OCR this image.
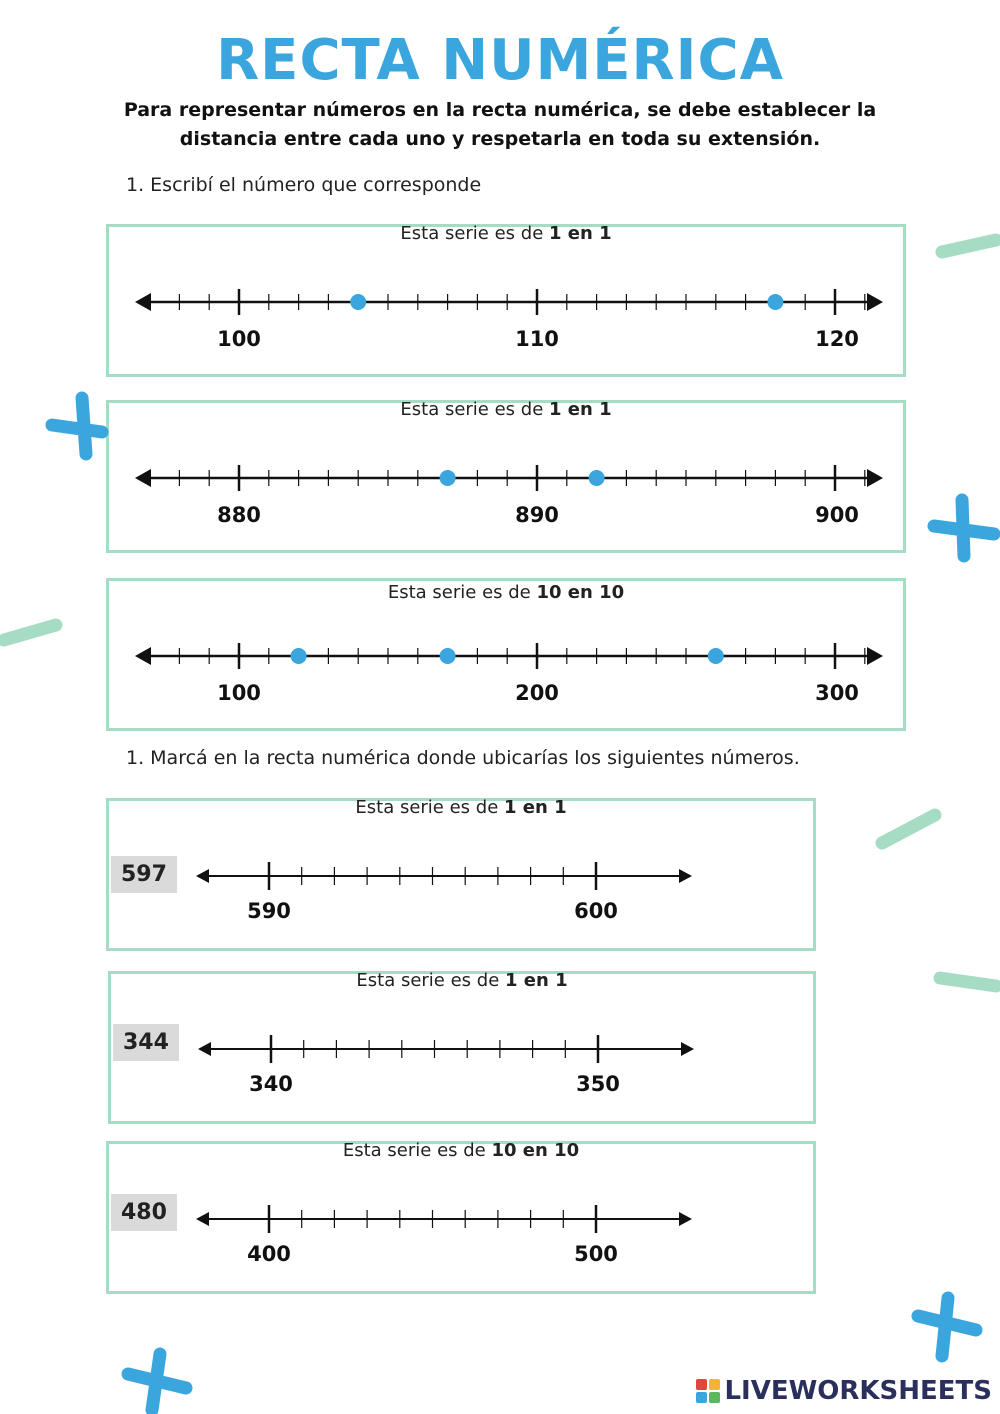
RECTA NUMÉRICA
Para representar números en la recta numérica, se debe establecer la distancia entre cada uno y respetarla en toda su extensión.
1. Escribí el número que corresponde
Esta serie es de 1 en 1
100	110	120
Esta serie es de 1 en 1
880	890	900
Esta serie es de 10 en 10
100	200	300
1. Marcá en la recta numérica donde ubicarías los siguientes números.
Esta serie es de 1 en 1
597
590	600
Esta serie es de 1 en 1
344
340	350
Esta serie es de 10 en 10
480
400	500
LIVEWORKSHEETS
